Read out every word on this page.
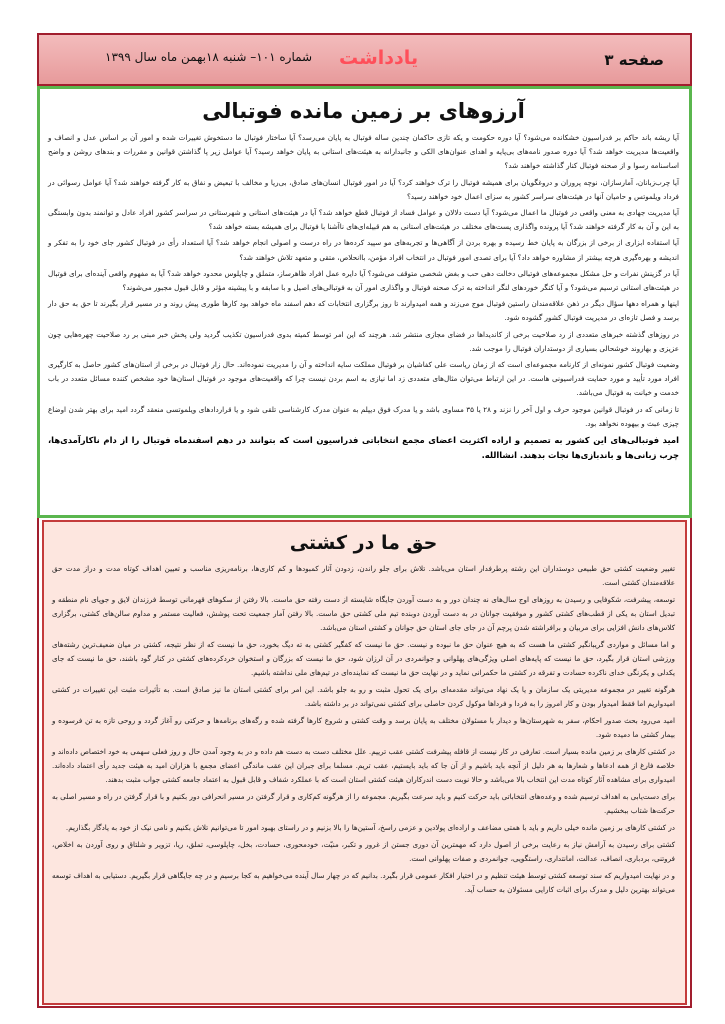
صفحه ۳
یادداشت
شماره ۱۰۱– شنبه ۱۸بهمن ماه سال ۱۳۹۹
آرزوهای بر زمین مانده فوتبالی

آیا ریشه باند حاکم بر فدراسیون خشکانده می‌شود؟ آیا دوره حکومت و یکه تازی حاکمان چندین ساله فوتبال به پایان می‌رسد؟ آیا ساختار فوتبال ما دستخوش تغییرات شده و امور آن بر اساس عدل و انصاف و واقعیت‌ها مدیریت خواهد شد؟ آیا دوره صدور نامه‌های بی‌پایه و اهدای عنوان‌های الکی و جانبدارانه به هیئت‌های استانی به پایان خواهد رسید؟ آیا عوامل زیر پا گذاشتن قوانین و مقررات و بندهای روشن و واضح اساسنامه رسوا و از صحنه فوتبال کنار گذاشته خواهند شد؟

آیا چرب‌زبانان، آمارسازان، نوچه پروران و دروغگویان برای همیشه فوتبال را ترک خواهند کرد؟ آیا در امور فوتبال انسان‌های صادق، بی‌ریا و مخالف با تبعیض و نفاق به کار گرفته خواهند شد؟ آیا عوامل رسوائی در فرداد ویلموتس و حامیان آنها در هیئت‌های سراسر کشور به سزای اعمال خود خواهند رسید؟

آیا مدیریت جهادی به معنی واقعی در فوتبال ما اعمال می‌شود؟ آیا دست دلالان و عوامل فساد از فوتبال قطع خواهد شد؟ آیا در هیئت‌های استانی و شهرستانی در سراسر کشور افراد عادل و توانمند بدون وابستگی به این و آن به کار گرفته خواهند شد؟ آیا پرونده واگذاری پست‌های مختلف در هیئت‌های استانی به هم قبیله‌ای‌های ناآشنا با فوتبال برای همیشه بسته خواهد شد؟

آیا استفاده ابزاری از برخی از بزرگان به پایان خط رسیده و بهره بردن از آگاهی‌ها و تجربه‌های مو سپید کرده‌ها در راه درست و اصولی انجام خواهد شد؟ آیا استعداد رأی در فوتبال کشور جای خود را به تفکر و اندیشه و بهره‌گیری هرچه بیشتر از مشاوره خواهد داد؟ آیا برای تصدی امور فوتبال در انتخاب افراد مؤمن، باانحلاص، متقی و متعهد تلاش خواهند شد؟

آیا در گزینش نفرات و حل مشکل مجموعه‌های فوتبالی دخالت دهی حب و بغض شخصی متوقف می‌شود؟ آیا دایره عمل افراد ظاهرساز، متملق و چاپلوس محدود خواهد شد؟ آیا به مفهوم واقعی آینده‌ای برای فوتبال در هیئت‌های استانی ترسیم می‌شود؟ و آیا کنگر خوردهای لنگر انداخته به ترک صحنه فوتبال و واگذاری امور آن به فوتبالی‌های اصیل و با سابقه و با پیشینه مؤثر و قابل قبول مجبور می‌شوند؟

اینها و همراه دهها سؤال دیگر در ذهن علاقه‌مندان راستین فوتبال موج می‌زند و همه امیدوارند تا روز برگزاری انتخابات که دهم اسفند ماه خواهد بود کارها طوری پیش روند و در مسیر قرار بگیرند تا حق به حق دار برسد و فصل تازه‌ای در مدیریت فوتبال کشور گشوده شود.

در روزهای گذشته خبرهای متعددی از رد صلاحیت برخی از کاندیداها در فضای مجازی منتشر شد. هرچند که این امر توسط کمیته بدوی فدراسیون تکذیب گردید ولی پخش خبر مبنی بر رد صلاحیت چهره‌هایی چون عزیزی و بهاروند خوشحالی بسیاری از دوستداران فوتبال را موجب شد.

وضعیت فوتبال کشور نمونه‌ای از کارنامه مجموعه‌ای است که از زمان ریاست علی کفاشیان بر فوتبال مملکت سایه انداخته و آن را مدیریت نموده‌اند. حال زار فوتبال در برخی از استان‌های کشور حاصل به کارگیری افراد مورد تأیید و مورد حمایت فدراسیونی هاست. در این ارتباط می‌توان مثال‌های متعددی زد اما نیازی به اسم بردن نیست چرا که واقعیت‌های موجود در فوتبال استان‌ها خود مشخص کننده مسائل متعدد در باب خدمت و خیانت به فوتبال می‌باشد.

تا زمانی که در فوتبال قوانین موجود حرف و اول آخر را نزند و ۲۸ یا ۳۵ مساوی باشد و یا مدرک فوق دیپلم به عنوان مدرک کارشناسی تلقی شود و یا قراردادهای ویلموتسی منعقد گردد امید برای بهتر شدن اوضاع چیزی عبث و بیهوده نخواهد بود.

امید فوتبالی‌های این کشور به تصمیم و اراده اکثریت اعضای مجمع انتخاباتی فدراسیون است که بتوانند در دهم اسفندماه فوتبال را از دام ناکارآمدی‌ها، چرب زبانی‌ها و باندبازی‌ها نجات بدهند. انشاالله.

حق ما در کشتی

تغییر وضعیت کشتی حق طبیعی دوستداران این رشته پرطرفدار استان می‌باشد. تلاش برای جلو راندن، زدودن آثار کمبودها و کم کاری‌ها، برنامه‌ریزی مناسب و تعیین اهداف کوتاه مدت و دراز مدت حق علاقه‌مندان کشتی است.

توسعه، پیشرفت، شکوفایی و رسیدن به روزهای اوج سال‌های نه چندان دور و به دست آوردن جایگاه شایسته از دست رفته حق ماست. بالا رفتن از سکوهای قهرمانی توسط فرزندان لایق و جوپای نام منطقه و تبدیل استان به یکی از قطب‌های کشتی کشور و موفقیت جوانان در به دست آوردن دوبنده تیم ملی کشتی حق ماست. بالا رفتن آمار جمعیت تحت پوشش، فعالیت مستمر و مداوم سالن‌های کشتی، برگزاری کلاس‌های دانش افزایی برای مربیان و برافراشته شدن پرچم آن در جای جای استان حق جوانان و کشتی استان می‌باشد.

و اما مسائل و مواردی گریبانگیر کشتی ما هست که به هیچ عنوان حق ما نبوده و نیست. حق ما نیست که کفگیر کشتی به ته دیگ بخورد، حق ما نیست که از نظر نتیجه، کشتی در میان ضعیف‌ترین رشته‌های ورزشی استان قرار بگیرد، حق ما نیست که پایه‌های اصلی ویژگی‌های پهلوانی و جوانمردی در آن لرزان شود، حق ما نیست که بزرگان و استخوان خردکرده‌های کشتی در کنار گود باشند، حق ما نیست که جای یکدلی و یکرنگی خدای ناکرده حسادت و تفرقه در کشتی ما حکمرانی نماید و در نهایت حق ما نیست که نماینده‌ای در تیم‌های ملی نداشته باشیم.

هرگونه تغییر در مجموعه مدیریتی یک سازمان و یا یک نهاد می‌تواند مقدمه‌ای برای یک تحول مثبت و رو به جلو باشد. این امر برای کشتی استان ما نیز صادق است. به تأثیرات مثبت این تغییرات در کشتی امیدواریم اما فقط امیدوار بودن و کار امروز را به فردا و فرداها موکول کردن حاصلی برای کشتی نمی‌تواند در بر داشته باشد.

امید می‌رود بحث صدور احکام، سفر به شهرستان‌ها و دیدار با مسئولان مختلف به پایان برسد و وقت کشتی و شروع کارها گرفته شده و رگه‌های برنامه‌ها و حرکتی رو آغاز گردد و روحی تازه به تن فرسوده و بیمار کشتی ما دمیده شود.

در کشتی کارهای بر زمین مانده بسیار است. تعارفی در کار نیست از قافله پیشرفت کشتی عقب ترییم. علل مختلف دست به دست هم داده و در به وجود آمدن حال و روز فعلی سهمی به خود اختصاص داده‌اند و خلاصه فارغ از همه ادعاها و شعارها به هر دلیل از آنچه باید باشیم و از آن جا که باید بایستیم، عقب تریم. مسلما برای جبران این عقب ماندگی اعضای مجمع با هزاران امید به هیئت جدید رأی اعتماد داده‌اند. امیدواری برای مشاهده آثار کوتاه مدت این انتخاب بالا می‌باشد و حالا نوبت دست اندرکاران هیئت کشتی استان است که با عملکرد شفاف و قابل قبول به اعتماد جامعه کشتی جواب مثبت بدهند.

برای دست‌یابی به اهداف ترسیم شده و وعده‌های انتخاباتی باید حرکت کنیم و باید سرعت بگیریم. مجموعه را از هرگونه کم‌کاری و قرار گرفتن در مسیر انحرافی دور بکنیم و با قرار گرفتن در راه و مسیر اصلی به حرکت‌ها شتاب ببخشیم.

در کشتی کارهای بر زمین مانده خیلی داریم و باید با همتی مضاعف و اراده‌ای پولادین و عزمی راسخ، آستین‌ها را بالا بزنیم و در راستای بهبود امور تا می‌توانیم تلاش بکنیم و نامی نیک از خود به یادگار بگذاریم.

کشتی برای رسیدن به آرامش نیاز به رعایت برخی از اصول دارد که مهمترین آن دوری جستن از غرور و تکبر، منیّت، خودمحوری، حسادت، بخل، چاپلوسی، تملق، ریا، تزویر و شلتاق و روی آوردن به اخلاص، فروتنی، بردباری، انصاف، عدالت، امانتداری، راستگویی، جوانمردی و صفات پهلوانی است.

و در نهایت امیدواریم که سند توسعه کشتی توسط هیئت تنظیم و در اختیار افکار عمومی قرار بگیرد. بدانیم که در چهار سال آینده می‌خواهیم به کجا برسیم و در چه جایگاهی قرار بگیریم. دستیابی به اهداف توسعه می‌تواند بهترین دلیل و مدرک برای اثبات کارایی مسئولان به حساب آید.
